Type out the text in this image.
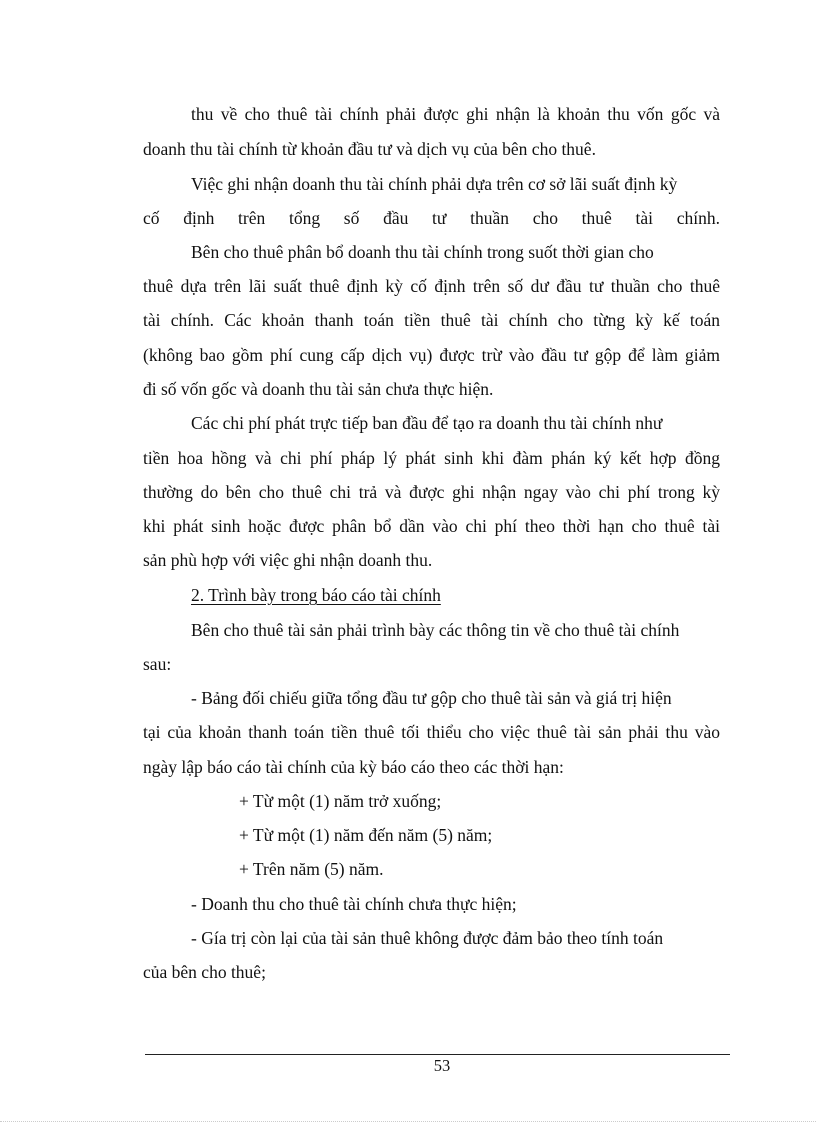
thu về cho thuê tài chính phải được ghi nhận là khoản thu vốn gốc và
doanh thu tài chính từ khoản đầu tư và dịch vụ của bên cho thuê.
Việc ghi nhận doanh thu tài chính phải dựa trên cơ sở lãi suất định kỳ
cố định trên tổng số đầu tư thuần cho thuê tài chính.
Bên cho thuê phân bổ doanh thu tài chính trong suốt thời gian cho
thuê dựa trên lãi suất thuê định kỳ cố định trên số dư đầu tư thuần cho thuê
tài chính. Các khoản thanh toán tiền thuê tài chính cho từng kỳ kế toán
(không bao gồm phí cung cấp dịch vụ) được trừ vào đầu tư gộp để làm giảm
đi số vốn gốc và doanh thu tài sản chưa thực hiện.
Các chi phí phát trực tiếp ban đầu để tạo ra doanh thu tài chính như
tiền hoa hồng và chi phí pháp lý phát sinh khi đàm phán ký kết hợp đồng
thường do bên cho thuê chi trả và được ghi nhận ngay vào chi phí trong kỳ
khi phát sinh hoặc được phân bổ dần vào chi phí theo thời hạn cho thuê tài
sản phù hợp với việc ghi nhận doanh thu.
2. Trình bày trong báo cáo tài chính
Bên cho thuê tài sản phải trình bày các thông tin về cho thuê tài chính
sau:
- Bảng đối chiếu giữa tổng đầu tư gộp cho thuê tài sản và giá trị hiện
tại của khoản thanh toán tiền thuê tối thiểu cho việc thuê tài sản phải thu vào
ngày lập báo cáo tài chính của kỳ báo cáo theo các thời hạn:
+ Từ một (1) năm trở xuống;
+ Từ một (1) năm đến năm (5) năm;
+ Trên năm (5) năm.
- Doanh thu cho thuê tài chính chưa thực hiện;
- Gía trị còn lại của tài sản thuê không được đảm bảo theo tính toán
của bên cho thuê;
53
